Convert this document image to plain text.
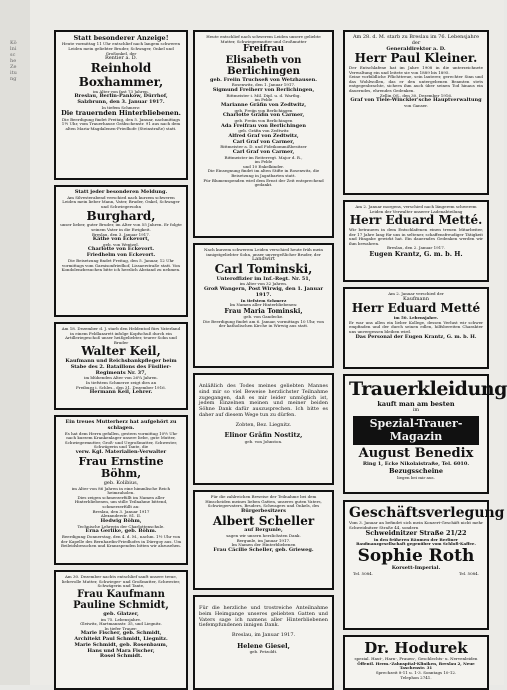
Kölnische Zeitung
Statt besonderer Anzeige!
Heute vormittag 11 Uhr entschlief nach langem schweren Leiden mein geliebter Bruder, Schwager, Onkel und Großonkel, der
Rentier a. D.
Reinhold Boxhammer,
im Alter von fast 73 Jahren.
Breslau, Berlin-Pankow, Dürrhof, Salzbrunn, den 3. Januar 1917.
In tiefem Schmerz:
Die trauernden Hinterbliebenen.
Die Beerdigung findet Freitag, den 5. Januar, nachmittags 1½ Uhr, vom Trauerhause Gräbschenstr. 91 aus nach dem alten Maria-Magdalenen-Friedhofe (Steinstraße) statt.
Statt jeder besonderen Meldung.
Am Silvesterabend verschied nach kurzem schweren Leiden mein lieber Mann, Vater, Bruder, Onkel, Schwager und Schwiegersohn
Burghard,
unser lieber, guter Bruder, im Alter von 55 Jahren. Er folgte seinem Vater in die Ewigkeit.
Breslau, den 3. Januar 1917.
Käthe von Eckevort,
geb. von Wentzel.
Charlotte von Eckevort.
Friedhelm von Eckevort.
Die Beisetzung findet Freitag, den 5. Januar, 12 Uhr vormittags vom Garnisonfriedhof, Lissaerstraße statt. Von Kondolenzbesuchen bitte ich herzlich Abstand zu nehmen.
Am 18. Dezember d. J. starb den Heldentod fürs Vaterland in einem Feldlazarett infolge Kopfschuß durch ein Artilleriegeschoß unser heißgeliebter, teurer Sohn und Bruder
Walter Keil,
Kaufmann und Reichsbankpfleger beim Stabe des 2. Bataillons des Füsilier-Regiments Nr. 37,
im blühenden Alter von 26¼ Jahren.
In tiefstem Schmerze zeigt dies an
Freiburg i. Schles., den 31. Dezember 1916.
Hermann Keil, Lehrer.
Ein treues Mutterherz hat aufgehört zu schlagen.
Es hat dem Herrn gefallen, gestern vormittag 10½ Uhr nach kurzem Krankenlager unsere liebe, gute Mutter, Schwiegermutter, Groß- und Urgroßmutter, Schwester, Schwägerin und Tante, die
verw. Kgl. Materialien-Verwalter
Frau Ernstine Böhm,
geb. Kolibius,
im Alter von 86 Jahren in eine himmlische Reich heimzuholen.
Dies zeigen schmerzerfüllt im Namen aller Hinterbliebenen, um stille Teilnahme bittend, schmerzerfüllt an:
Breslau, den 3. Januar 1917
Alexanderstr. 81. II.
Hedwig Böhm,
Technische Lehrerin der Charlottenschule.
Erna Gerlike, geb. Böhm.
Beerdigung Donnerstag, den 4. d. M., nachm. 1½ Uhr von der Kapelle des Bernhardin-Friedhofes in Dürrgoy aus. Um Beileidsbesuchen und Kranzspenden bitten wir abzusehen.
Am 30. Dezember nachts entschlief sanft unsere treue, liebevolle Mutter, Schwieger- und Großmutter, Schwester, Schwägerin und Tante,
Frau Kaufmann Pauline Schmidt,
geb. Glatzer,
im 75. Lebensjahre.
Gleiwitz, Hartmannstr. 35, und Liegnitz.
In tiefer Trauer:
Marie Fischer, geb. Schmidt,
Architekt Paul Schmidt, Liegnitz.
Marie Schmidt, geb. Rosenbaum,
Hans und Mara Fischer,
Rosel Schmidt.
Heute entschlief nach schwerem Leiden unsere geliebte Mutter, Schwiegermutter und Großmutter
Freifrau
Elisabeth von Berlichingen
geb. Freiin Truchseß von Wetzhausen.
Rosenwitz, den 1. Januar 1917.
Sigmund Freiherr von Berlichingen,
Rittmeister i. Mil. Dipl. u. d. Wartbg.
im Felde
Marianne Gräfin von Zedtwitz,
geb. Freiin von Berlichingen
Charlotte Gräfin von Carmer,
geb. Freiin von Berlichingen
Ada Freifrau von Berlichingen
geb. Gräfin von Zedtwitz
Alfred Graf von Zedtwitz,
Carl Graf von Carmer,
Rittmeister a. D. und Fideikommißbesitzer
Carl Graf von Carmer,
Rittmeister im Reiterregt. Major d. R.,
im Felde
und 10 Enkelkinder.
Die Einsegnung findet im alten Stifte in Rosenwitz, die Beisetzung in Jagatbarten statt.
Für Blumenspenden wird dem Ernst der Zeit entsprechend gedankt.
Nach kurzem schwerem Leiden verschied heute früh mein innigstgeliebter Sohn, unser unvergeßlicher Bruder, der
Landwirt
Carl Tominski,
Unteroffizier im Inf.-Regt. Nr. 51,
im Alter von 32 Jahren.
Groß Wangern, Post Wirwig, den 1. Januar 1917.
In tiefstem Schmerz
Im Namen aller Hinterbliebenen:
Frau Maria Tominski,
geb. von Gandecke.
Die Beerdigung findet am 6. Januar, vormittags 10 Uhr, von der katholischen Kirche in Wirwig aus statt.
Anläßlich des Todes meines geliebten Mannes sind mir so viel Beweise herzlichster Teilnahme zugegangen, daß es mir leider unmöglich ist, jedem Einzelnen meinen und meiner beiden Söhne Dank dafür auszusprechen. Ich bitte es daher auf diesem Wege tun zu dürfen.
Zobten, Bez. Liegnitz.
Elinor Gräfin Nostitz,
geb. von Johnston.
Für die zahlreichen Beweise der Teilnahme bei dem Hinscheiden meines lieben Gatten, unseres guten Vaters, Schwiegervaters, Bruders, Schwagers und Onkels, des
Bürgerbesitzers
Albert Scheller
auf Bergunle,
sagen wir unsern herzlichsten Dank.
Bergunle, im Januar 1917.
Im Namen der Hinterbliebenen
Frau Cäcilie Scheller, geb. Grieweg.
Für die herzliche und trostreiche Anteilnahme beim Heimgange unseres geliebten Gatten und Vaters sage ich namens aller Hinterbliebenen tiefempfundenen innigen Dank.
Breslau, im Januar 1917.
Helene Giesel,
geb. Petzoldt.
Am 28. d. M. starb zu Breslau im 76. Lebensjahre der
Generaldirektor a. D.
Herr Paul Kleiner.
Der Entschlafene hat im Jahre 1908 in die unterzeichnete Verwaltung ein und leitete sie von 1889 bis 1895.
Seine vorbildliche Pflichttreue, sein lauterer, gerechter Sinn und das Wohlwollen, das er den untergebenen Beamten stets entgegenbrachte, sichern ihm auch über seinen Tod hinaus ein dauerndes, ehrendes Gedenken.
Zellin OS., den 30. Dezember 1916.
Graf von Tiele-Winckler'sche Hauptverwaltung
von Ganser.
Am 2. Januar morgens, verschied nach längerem schwerem Leiden der Verwalter unserer Ladenabteilung
Herr Eduard Metté.
Wir betrauern in dem Entschlafenen einen treuen Mitarbeiter, der 17 Jahre lang für uns in seltener, schaffensfreudiger Tätigkeit und Hingabe gewirkt hat. Ein dauerndes Gedenken werden wir ihm bewahren.
Breslau, den 2. Januar 1917.
Eugen Krantz, G. m. b. H.
Am 2. Januar verschied der
Kaufmann
Herr Eduard Metté
im 50. Lebensjahre.
Er war uns allen ein lieber Kollege, dessen Verlust wir schwer empfinden und der durch seinen edlen, hilfsbereiten Charakter uns unvergessen bleiben wird.
Das Personal der Eugen Krantz, G. m. b. H.
Trauerkleidung
kauft man am besten
im
Spezial-Trauer-Magazin
August Benedix
Ring 1, Ecke Nikolaistraße, Tel. 6010.
Bezugsscheine
liegen bei mir aus.
Geschäftsverlegung
Vom 3. Januar an befindet sich mein Konzert-Geschäft nicht mehr Schweidnitzer Straße 44, sondern
Schweidnitzer Straße 21/22
in den früheren Räumen der Berliner Baufinanzgesellschaft gegenüber vom Schloß-Kaffee.
Sophie Roth
Korsett-Imperial.
Tel. 5084.	Tel. 5084.
Dr. Hodurek
spezial. Haut-, Harn-, Frauen-, Geschlechts- u. Nervenleiden
Öffentl. Herm.-Zahnspital-Kliniken, Breslau 2, Neue Taschenstr. 31
Sprechzeit 8-11 u. 1-3. Sonntags 10-12.
Telephon 2741.
